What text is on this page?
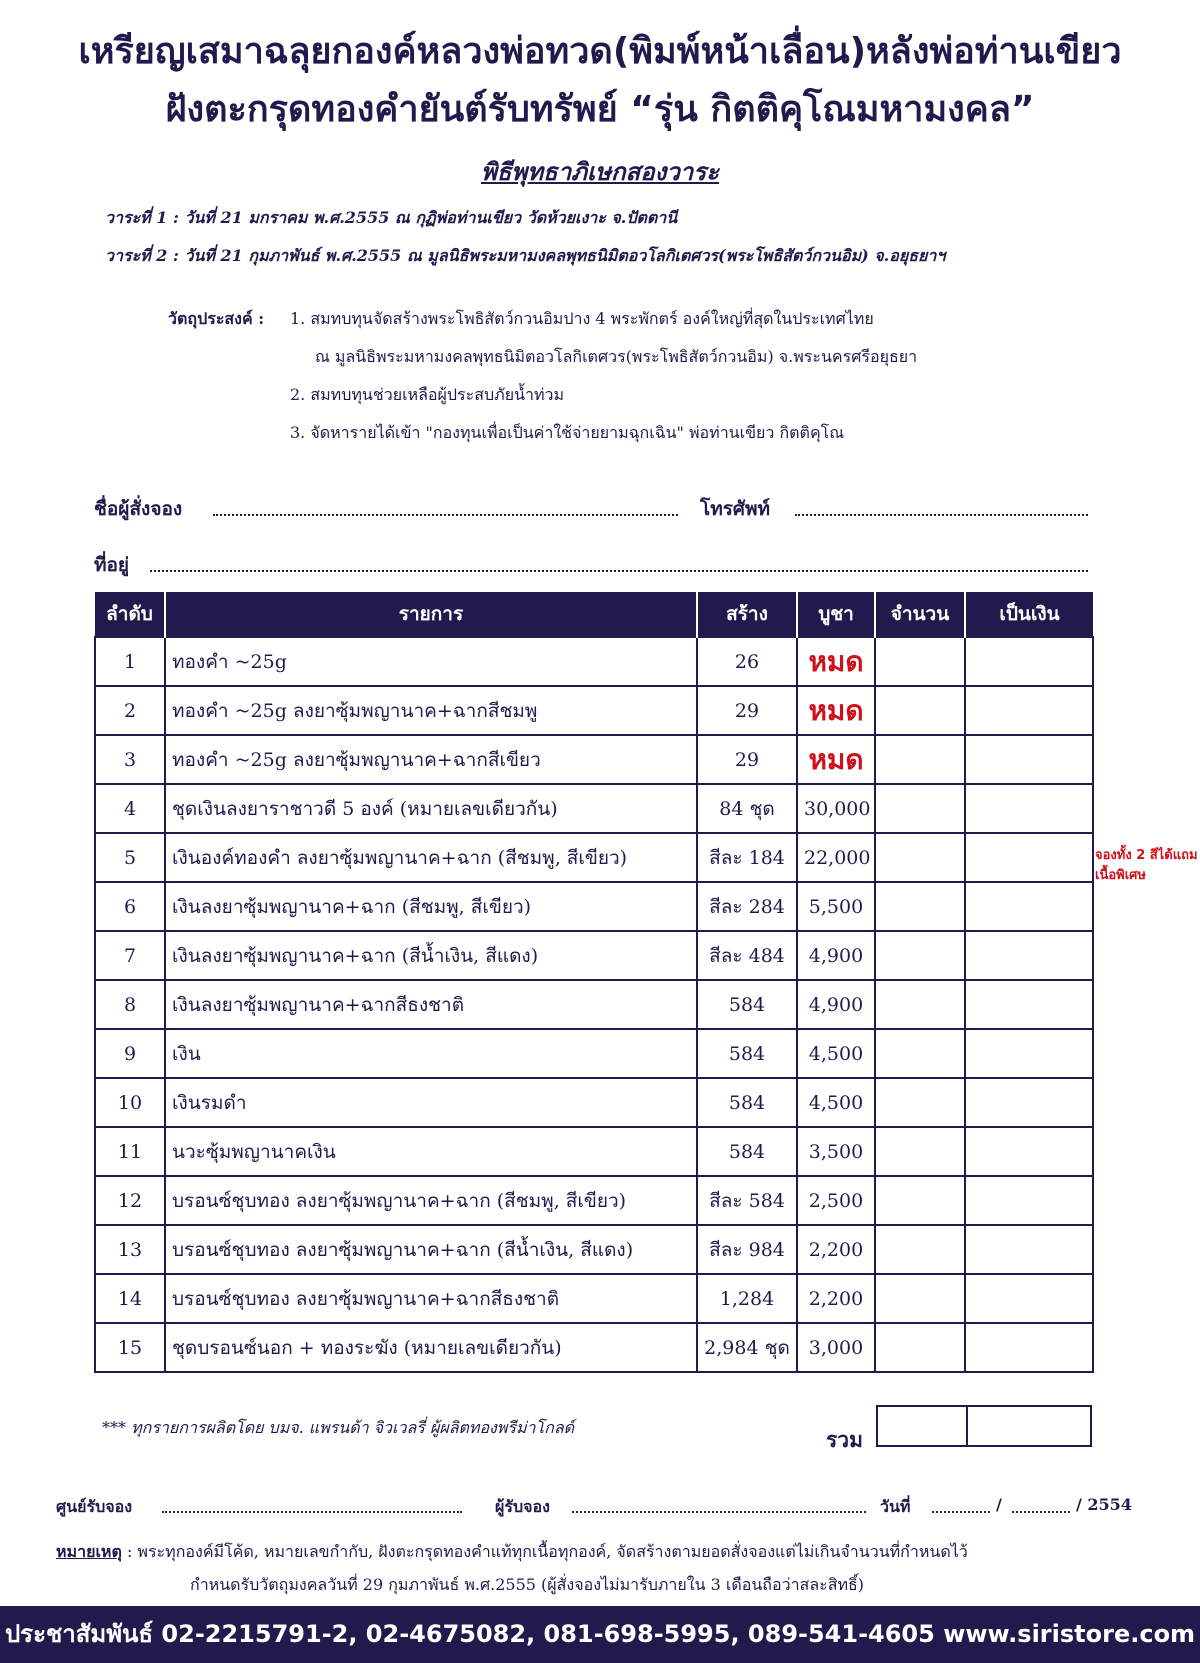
เหรียญเสมาฉลุยกองค์หลวงพ่อทวด(พิมพ์หน้าเลื่อน)หลังพ่อท่านเขียว
ฝังตะกรุดทองคำยันต์รับทรัพย์ “รุ่น กิตติคุโณมหามงคล”
พิธีพุทธาภิเษกสองวาระ
วาระที่ 1 : วันที่ 21 มกราคม พ.ศ.2555 ณ กุฏิพ่อท่านเขียว วัดห้วยเงาะ จ.ปัตตานี
วาระที่ 2 : วันที่ 21 กุมภาพันธ์ พ.ศ.2555 ณ มูลนิธิพระมหามงคลพุทธนิมิตอวโลกิเตศวร(พระโพธิสัตว์กวนอิม) จ.อยุธยาฯ
วัตถุประสงค์ : 1. สมทบทุนจัดสร้างพระโพธิสัตว์กวนอิมปาง 4 พระพักตร์ องค์ใหญ่ที่สุดในประเทศไทย
ณ มูลนิธิพระมหามงคลพุทธนิมิตอวโลกิเตศวร(พระโพธิสัตว์กวนอิม) จ.พระนครศรีอยุธยา
2. สมทบทุนช่วยเหลือผู้ประสบภัยน้ำท่วม
3. จัดหารายได้เข้า "กองทุนเพื่อเป็นค่าใช้จ่ายยามฉุกเฉิน" พ่อท่านเขียว กิตติคุโณ
ชื่อผู้สั่งจอง	โทรศัพท์
ที่อยู่
ลำดับ	รายการ	สร้าง	บูชา	จำนวน	เป็นเงิน
1	ทองคำ ~25g	26	หมด		
2	ทองคำ ~25g ลงยาซุ้มพญานาค+ฉากสีชมพู	29	หมด		
3	ทองคำ ~25g ลงยาซุ้มพญานาค+ฉากสีเขียว	29	หมด		
4	ชุดเงินลงยาราชาวดี 5 องค์ (หมายเลขเดียวกัน)	84 ชุด	30,000		
5	เงินองค์ทองคำ ลงยาซุ้มพญานาค+ฉาก (สีชมพู, สีเขียว)	สีละ 184	22,000		
6	เงินลงยาซุ้มพญานาค+ฉาก (สีชมพู, สีเขียว)	สีละ 284	5,500		
7	เงินลงยาซุ้มพญานาค+ฉาก (สีน้ำเงิน, สีแดง)	สีละ 484	4,900		
8	เงินลงยาซุ้มพญานาค+ฉากสีธงชาติ	584	4,900		
9	เงิน	584	4,500		
10	เงินรมดำ	584	4,500		
11	นวะซุ้มพญานาคเงิน	584	3,500		
12	บรอนซ์ชุบทอง ลงยาซุ้มพญานาค+ฉาก (สีชมพู, สีเขียว)	สีละ 584	2,500		
13	บรอนซ์ชุบทอง ลงยาซุ้มพญานาค+ฉาก (สีน้ำเงิน, สีแดง)	สีละ 984	2,200		
14	บรอนซ์ชุบทอง ลงยาซุ้มพญานาค+ฉากสีธงชาติ	1,284	2,200		
15	ชุดบรอนซ์นอก + ทองระฆัง (หมายเลขเดียวกัน)	2,984 ชุด	3,000		
จองทั้ง 2 สีได้แถมเนื้อพิเศษ
*** ทุกรายการผลิตโดย บมจ. แพรนด้า จิวเวลรี่ ผู้ผลิตทองพรีม่าโกลด์	รวม
ศูนย์รับจอง	ผู้รับจอง	วันที่	/	/ 2554
หมายเหตุ : พระทุกองค์มีโค้ด, หมายเลขกำกับ, ฝังตะกรุดทองคำแท้ทุกเนื้อทุกองค์, จัดสร้างตามยอดสั่งจองแต่ไม่เกินจำนวนที่กำหนดไว้
กำหนดรับวัตถุมงคลวันที่ 29 กุมภาพันธ์ พ.ศ.2555 (ผู้สั่งจองไม่มารับภายใน 3 เดือนถือว่าสละสิทธิ์)
ประชาสัมพันธ์ 02-2215791-2, 02-4675082, 081-698-5995, 089-541-4605 www.siristore.com
